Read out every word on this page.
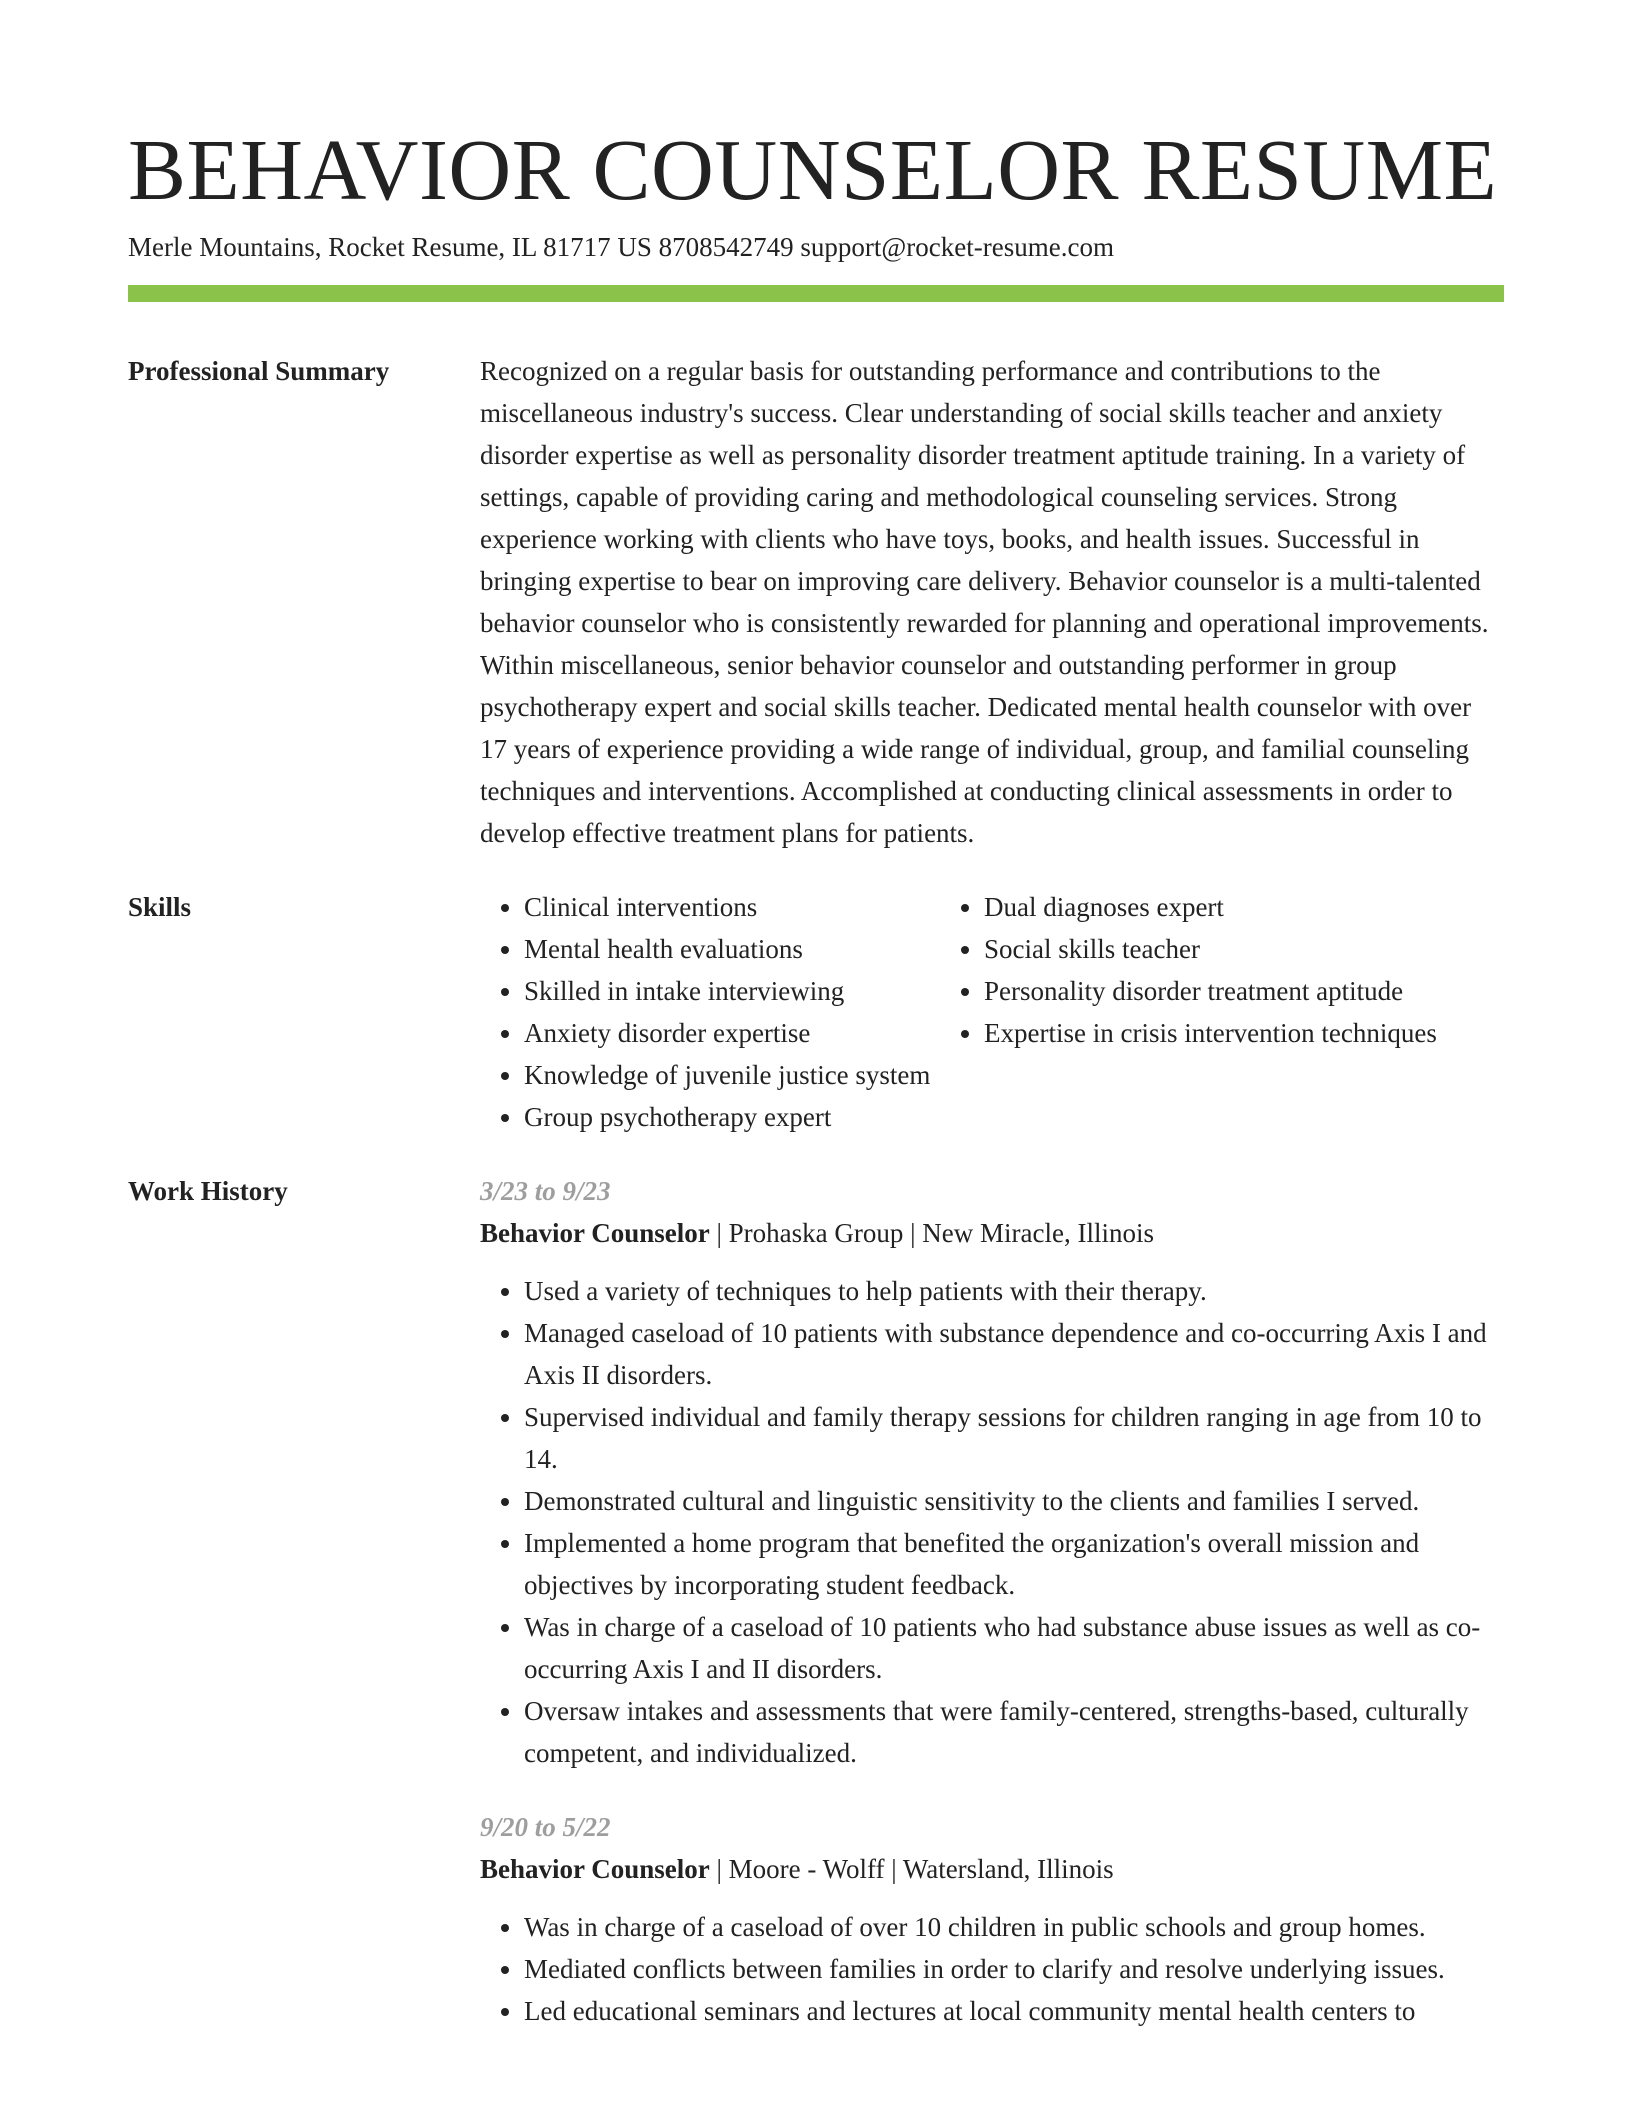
BEHAVIOR COUNSELOR RESUME
Merle Mountains, Rocket Resume, IL 81717 US 8708542749 support@rocket-resume.com
Professional Summary	Recognized on a regular basis for outstanding performance and contributions to the miscellaneous industry's success. Clear understanding of social skills teacher and anxiety disorder expertise as well as personality disorder treatment aptitude training. In a variety of settings, capable of providing caring and methodological counseling services. Strong experience working with clients who have toys, books, and health issues. Successful in bringing expertise to bear on improving care delivery. Behavior counselor is a multi-talented behavior counselor who is consistently rewarded for planning and operational improvements. Within miscellaneous, senior behavior counselor and outstanding performer in group psychotherapy expert and social skills teacher. Dedicated mental health counselor with over 17 years of experience providing a wide range of individual, group, and familial counseling techniques and interventions. Accomplished at conducting clinical assessments in order to develop effective treatment plans for patients.

Skills
•	Clinical interventions
• Mental health evaluations
• Skilled in intake interviewing
• Anxiety disorder expertise
• Knowledge of juvenile justice system
• Group psychotherapy expert
• Dual diagnoses expert
• Social skills teacher
• Personality disorder treatment aptitude
• Expertise in crisis intervention techniques
Work History	3/23 to 9/23
Behavior Counselor | Prohaska Group | New Miracle, Illinois
• Used a variety of techniques to help patients with their therapy.
• Managed caseload of 10 patients with substance dependence and co-occurring Axis I and Axis II disorders.
• Supervised individual and family therapy sessions for children ranging in age from 10 to 14.
• Demonstrated cultural and linguistic sensitivity to the clients and families I served.
• Implemented a home program that benefited the organization's overall mission and objectives by incorporating student feedback.
• Was in charge of a caseload of 10 patients who had substance abuse issues as well as co-occurring Axis I and II disorders.
• Oversaw intakes and assessments that were family-centered, strengths-based, culturally competent, and individualized.
9/20 to 5/22
Behavior Counselor | Moore - Wolff | Watersland, Illinois
• Was in charge of a caseload of over 10 children in public schools and group homes.
• Mediated conflicts between families in order to clarify and resolve underlying issues.
• Led educational seminars and lectures at local community mental health centers to
